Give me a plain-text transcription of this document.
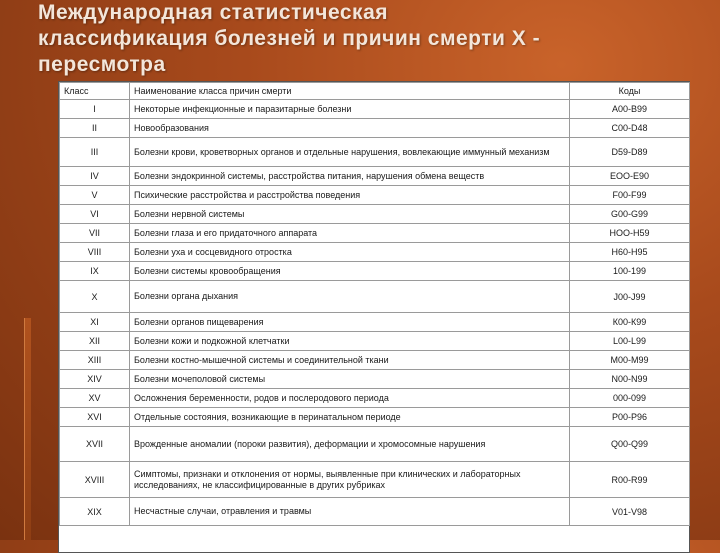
Международная статистическая
классификация болезней и причин смерти X -
пересмотра
Класс	Наименование класса причин смерти	Коды
I	Некоторые инфекционные и паразитарные болезни	А00-В99
II	Новообразования	С00-D48
III	Болезни крови, кроветворных органов и отдельные нарушения, вовлекающие иммунный механизм	D59-D89
IV	Болезни эндокринной системы, расстройства питания, нарушения обмена веществ	ЕОО-Е90
V	Психические расстройства и расстройства поведения	F00-F99
VI	Болезни нервной системы	G00-G99
VII	Болезни глаза и его придаточного аппарата	НОО-Н59
VIII	Болезни уха и сосцевидного отростка	Н60-Н95
IX	Болезни системы кровообращения	100-199
X	Болезни органа дыхания	J00-J99
XI	Болезни органов пищеварения	К00-К99
XII	Болезни кожи и подкожной клетчатки	L00-L99
XIII	Болезни костно-мышечной системы и соединительной ткани	М00-М99
XIV	Болезни мочеполовой системы	N00-N99
XV	Осложнения беременности, родов и послеродового периода	000-099
XVI	Отдельные состояния, возникающие в перинатальном периоде	Р00-Р96
XVII	Врожденные аномалии (пороки развития), деформации и хромосомные нарушения	Q00-Q99
XVIII	Симптомы, признаки и отклонения от нормы, выявленные при клинических и лабораторных исследованиях, не классифицированные в других рубриках	R00-R99
XIX	Несчастные случаи, отравления и травмы	V01-V98
